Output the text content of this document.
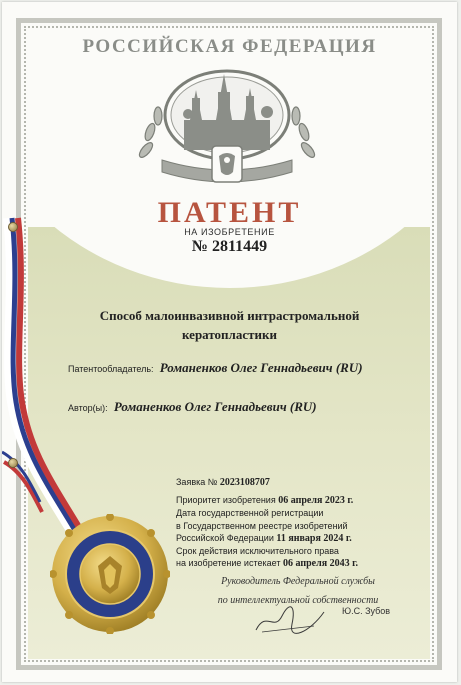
РОССИЙСКАЯ ФЕДЕРАЦИЯ
ПАТЕНТ
НА ИЗОБРЕТЕНИЕ
№ 2811449
Способ малоинвазивной интрастромальной
кератопластики
Патентообладатель: Романенков Олег Геннадьевич (RU)
Автор(ы): Романенков Олег Геннадьевич (RU)
Заявка № 2023108707
Приоритет изобретения 06 апреля 2023 г.
Дата государственной регистрации
в Государственном реестре изобретений
Российской Федерации 11 января 2024 г.
Срок действия исключительного права
на изобретение истекает 06 апреля 2043 г.
Руководитель Федеральной службы
по интеллектуальной собственности
Ю.С. Зубов
